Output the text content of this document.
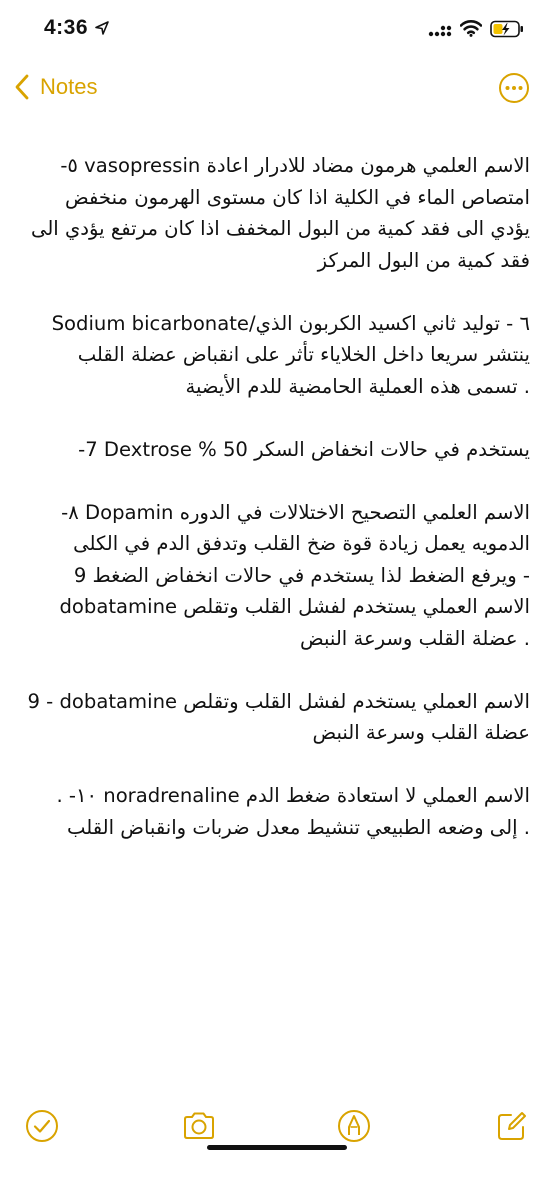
4:36
Notes

-٥ vasopressin الاسم العلمي هرمون مضاد للادرار اعادة امتصاص الماء في الكلية اذا كان مستوى الهرمون منخفض يؤدي الى فقد كمية من البول المخفف اذا كان مرتفع يؤدي الى فقد كمية من البول المركز

Sodium bicarbonate/٦ - توليد ثاني اكسيد الكربون الذي ينتشر سريعا داخل الخلاياء تأثر على انقباض عضلة القلب تسمى هذه العملية الحامضية للدم الأيضية .

-7 Dextrose % 50 يستخدم في حالات انخفاض السكر

-٨ Dopamin الاسم العلمي التصحيح الاختلالات في الدوره الدمويه يعمل زيادة قوة ضخ القلب وتدفق الدم في الكلى ويرفع الضغط لذا يستخدم في حالات انخفاض الضغط 9 - dobatamine الاسم العملي يستخدم لفشل القلب وتقلص عضلة القلب وسرعة النبض .

9 - dobatamine الاسم العملي يستخدم لفشل القلب وتقلص عضلة القلب وسرعة النبض

. -١٠ noradrenaline الاسم العملي لا استعادة ضغط الدم إلى وضعه الطبيعي تنشيط معدل ضربات وانقباض القلب .
